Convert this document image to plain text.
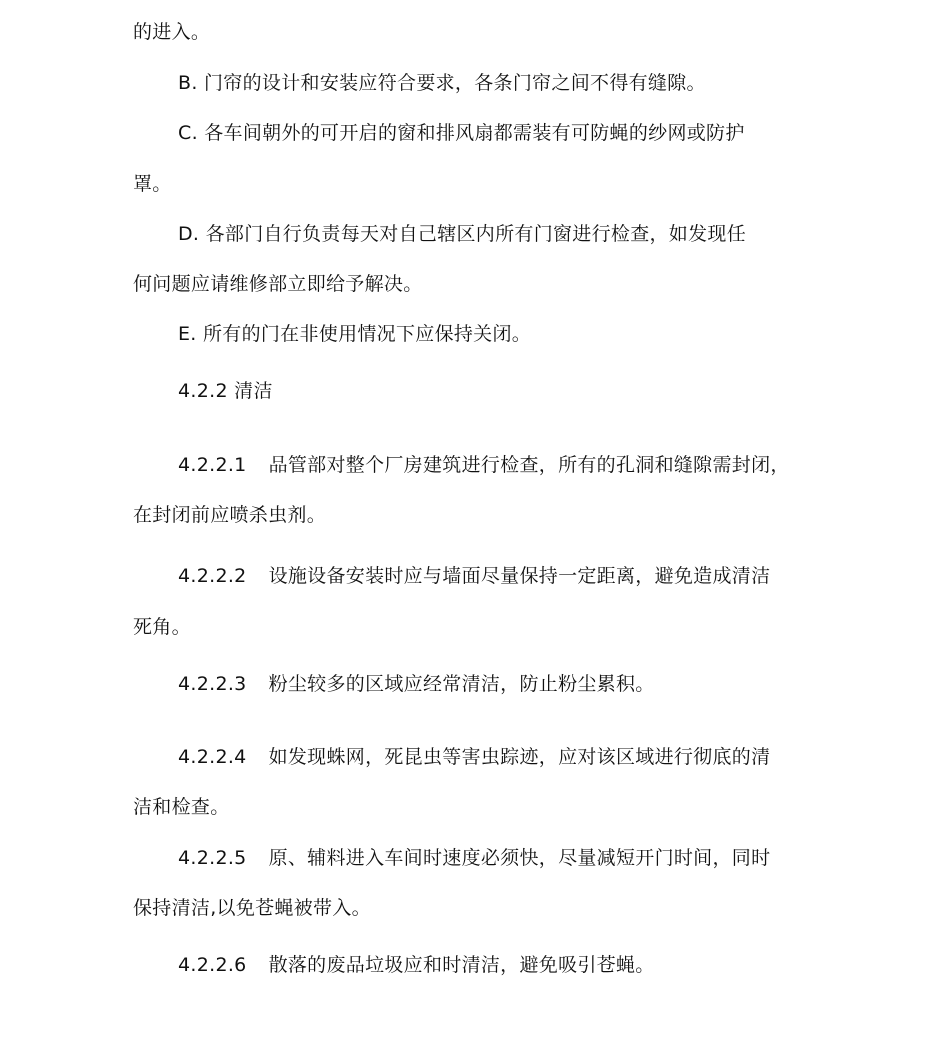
的进入。
B. 门帘的设计和安装应符合要求，各条门帘之间不得有缝隙。
C. 各车间朝外的可开启的窗和排风扇都需装有可防蝇的纱网或防护
罩。
D. 各部门自行负责每天对自己辖区内所有门窗进行检查，如发现任
何问题应请维修部立即给予解决。
E. 所有的门在非使用情况下应保持关闭。
4.2.2 清洁
4.2.2.1 品管部对整个厂房建筑进行检查，所有的孔洞和缝隙需封闭，
在封闭前应喷杀虫剂。
4.2.2.2 设施设备安装时应与墙面尽量保持一定距离，避免造成清洁
死角。
4.2.2.3 粉尘较多的区域应经常清洁，防止粉尘累积。
4.2.2.4 如发现蛛网，死昆虫等害虫踪迹，应对该区域进行彻底的清
洁和检查。
4.2.2.5 原、辅料进入车间时速度必须快，尽量减短开门时间，同时
保持清洁,以免苍蝇被带入。
4.2.2.6 散落的废品垃圾应和时清洁，避免吸引苍蝇。
